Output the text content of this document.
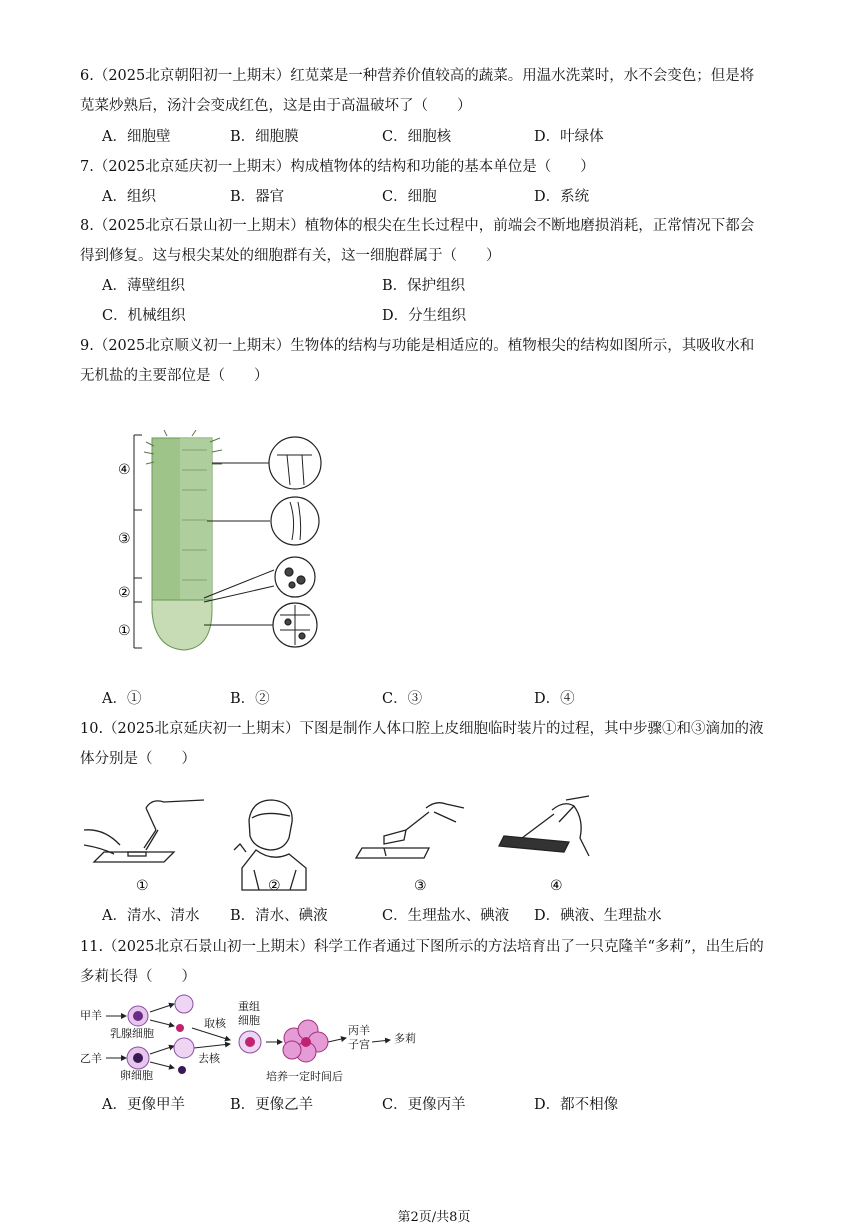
6.（2025北京朝阳初一上期末）红苋菜是一种营养价值较高的蔬菜。用温水洗菜时，水不会变色；但是将
苋菜炒熟后，汤汁会变成红色，这是由于高温破坏了（　　）
A．细胞壁	B．细胞膜	C．细胞核	D．叶绿体
7.（2025北京延庆初一上期末）构成植物体的结构和功能的基本单位是（　　）
A．组织	B．器官	C．细胞	D．系统
8.（2025北京石景山初一上期末）植物体的根尖在生长过程中，前端会不断地磨损消耗，正常情况下都会
得到修复。这与根尖某处的细胞群有关，这一细胞群属于（　　）
A．薄壁组织	B．保护组织
C．机械组织	D．分生组织
9.（2025北京顺义初一上期末）生物体的结构与功能是相适应的。植物根尖的结构如图所示，其吸收水和
无机盐的主要部位是（　　）
④
③
②
①
A．①	B．②	C．③	D．④
10.（2025北京延庆初一上期末）下图是制作人体口腔上皮细胞临时装片的过程，其中步骤①和③滴加的液
体分别是（　　）
①	②	③	④
A．清水、清水 B．清水、碘液	C．生理盐水、碘液 D．碘液、生理盐水
11.（2025北京石景山初一上期末）科学工作者通过下图所示的方法培育出了一只克隆羊“多莉”，出生后的
多莉长得（　　）
甲羊
乙羊
乳腺细胞
卵细胞
取核
去核
重组
细胞
培养一定时间后
丙羊
子宫 多莉
A．更像甲羊	B．更像乙羊	C．更像丙羊	D．都不相像
第2页/共8页
